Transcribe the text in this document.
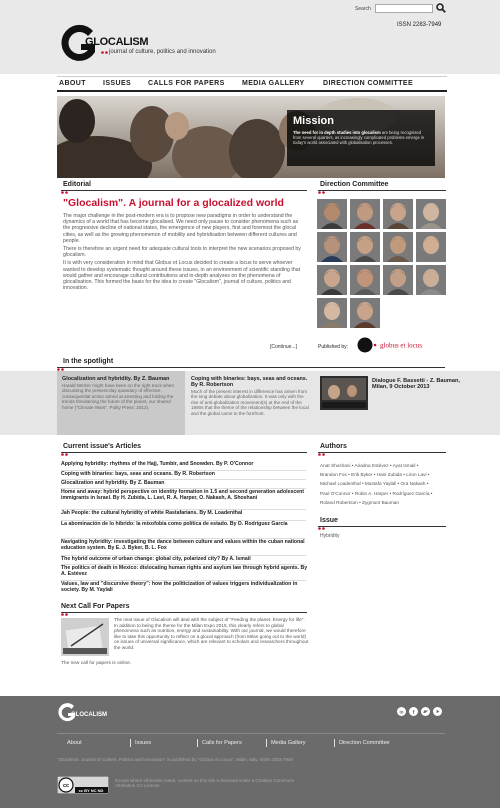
Search
ISSN 2283-7949
GLOCALISM
journal of culture, politics and innovation
ABOUT ISSUES CALLS FOR PAPERS MEDIA GALLERY	DIRECTION COMMITTEE
Mission
The need for in depth studies into glocalism are being recognised from several quarters, as increasingly complicated problems emerge in today's world associated with globalisation processes.
Editorial
"Glocalism". A journal for a glocalized world

The major challenge in the post-modern era is to propose new paradigms in order to understand the dynamics of a world that has become glocalised. We need only pause to consider phenomena such as the progressive decline of national states, the emergence of new players, first and foremost the glocal cities, as well as the growing phenomenon of mobility and hybridisation between different cultures and people.

There is therefore an urgent need for adequate cultural tools to interpret the new scenarios proposed by glocalism.

It is with very consideration in mind that Globus et Locus decided to create a locus to serve whoever wanted to develop systematic thought around these issues, in an environment of scientific standing that would gather and encourage cultural contributions and in-depth analyses on the phenomena of glocalisation. This formed the basis for the idea to create "Glocalism", journal of culture, politics and innovation.

[Continue...]
Direction Committee
Published by:	globus et locus
In the spotlight
Glocalization and hybridity. By Z. Bauman
Harald Welzer might have been on the right track when discussing the present-day quandary of effective, consequential action aimed at arresting and folding the trends threatening the future of the planet, our shared home ("Climate Wars", Polity Press: 2012).
Coping with binaries: bays, seas and oceans. By R. Robertson
Much of the present interest in difference has arisen from the long debate about globalization. It was only with the rise of anti-globalization movement(s) at the end of the 1990s that the theme of the relationship between the local and the global came to the forefront.
Dialogue F. Bassetti - Z. Bauman, Milan, 9 October 2013
Current issue's Articles
Applying hybridity: rhythms of the Hajj, Tumbir, and Snowden. By P. O'Connor
Coping with binaries: bays, seas and oceans. By R. Robertson
Glocalization and hybridity. By Z. Bauman
Home and away: hybrid perspective on identity formation in 1.5 and second generation adolescent immigrants in Israel. By H. Zubida, L. Lavi, R. A. Harper, O. Nakash, A. Shoshani
Jah People: the cultural hybridity of white Rastafarians. By M. Loadenthal
La abominación de lo híbrido: la mixofobia como política de estado. By D. Rodríguez García
Navigating hybridity: investigating the dance between culture and values within the cuban national education system. By E. J. Byker, B. L. Fox
The hybrid outcome of urban change: global city, polarized city? By A. Ismail
The politics of death in Mexico: dislocating human rights and asylum law through hybrid agents. By A. Estévez
Values, law and "discursive theory": how the politicization of values triggers individualization in society. By M. Yaylali
Authors
Anat Shoshani • Ariadna Estévez • Ayat Ismail •
Brandon Fox • Erik Byker • Hani Zubida • Liron Lavi •
Michael Loadenthal • Mustafa Yaylali • Ora Nakash •
Paul O'Connor • Robin A. Harper • Rodríguez García •
Roland Robertson • Zygmunt Bauman
Issue
Hybridity
Next Call For Papers
The next issue of Glocalism will deal with the subject of "Feeding the planet. Energy for life". In addition to being the theme for the Milan Expo 2015, this clearly refers to global phenomena such as nutrition, energy and sustainability. With our journal, we would therefore like to take this opportunity to reflect on a glocal approach (from Milan going out to the world) on issues of universal significance, which are relevant to scholars and researchers throughout the world.
The new call for papers is online.
GLOCALISM
in f
About	Issues	Calls for Papers	Media Gallery	Direction Committee
"Glocalism. Journal of Culture, Politics and Innovation" is published by "Globus et Locus", Milan, Italy. ISSN 2283-7949
cc
cc BY NC ND
Except where otherwise noted, content on this site is licensed under a Creative Commons Attribution 3.0 License.
